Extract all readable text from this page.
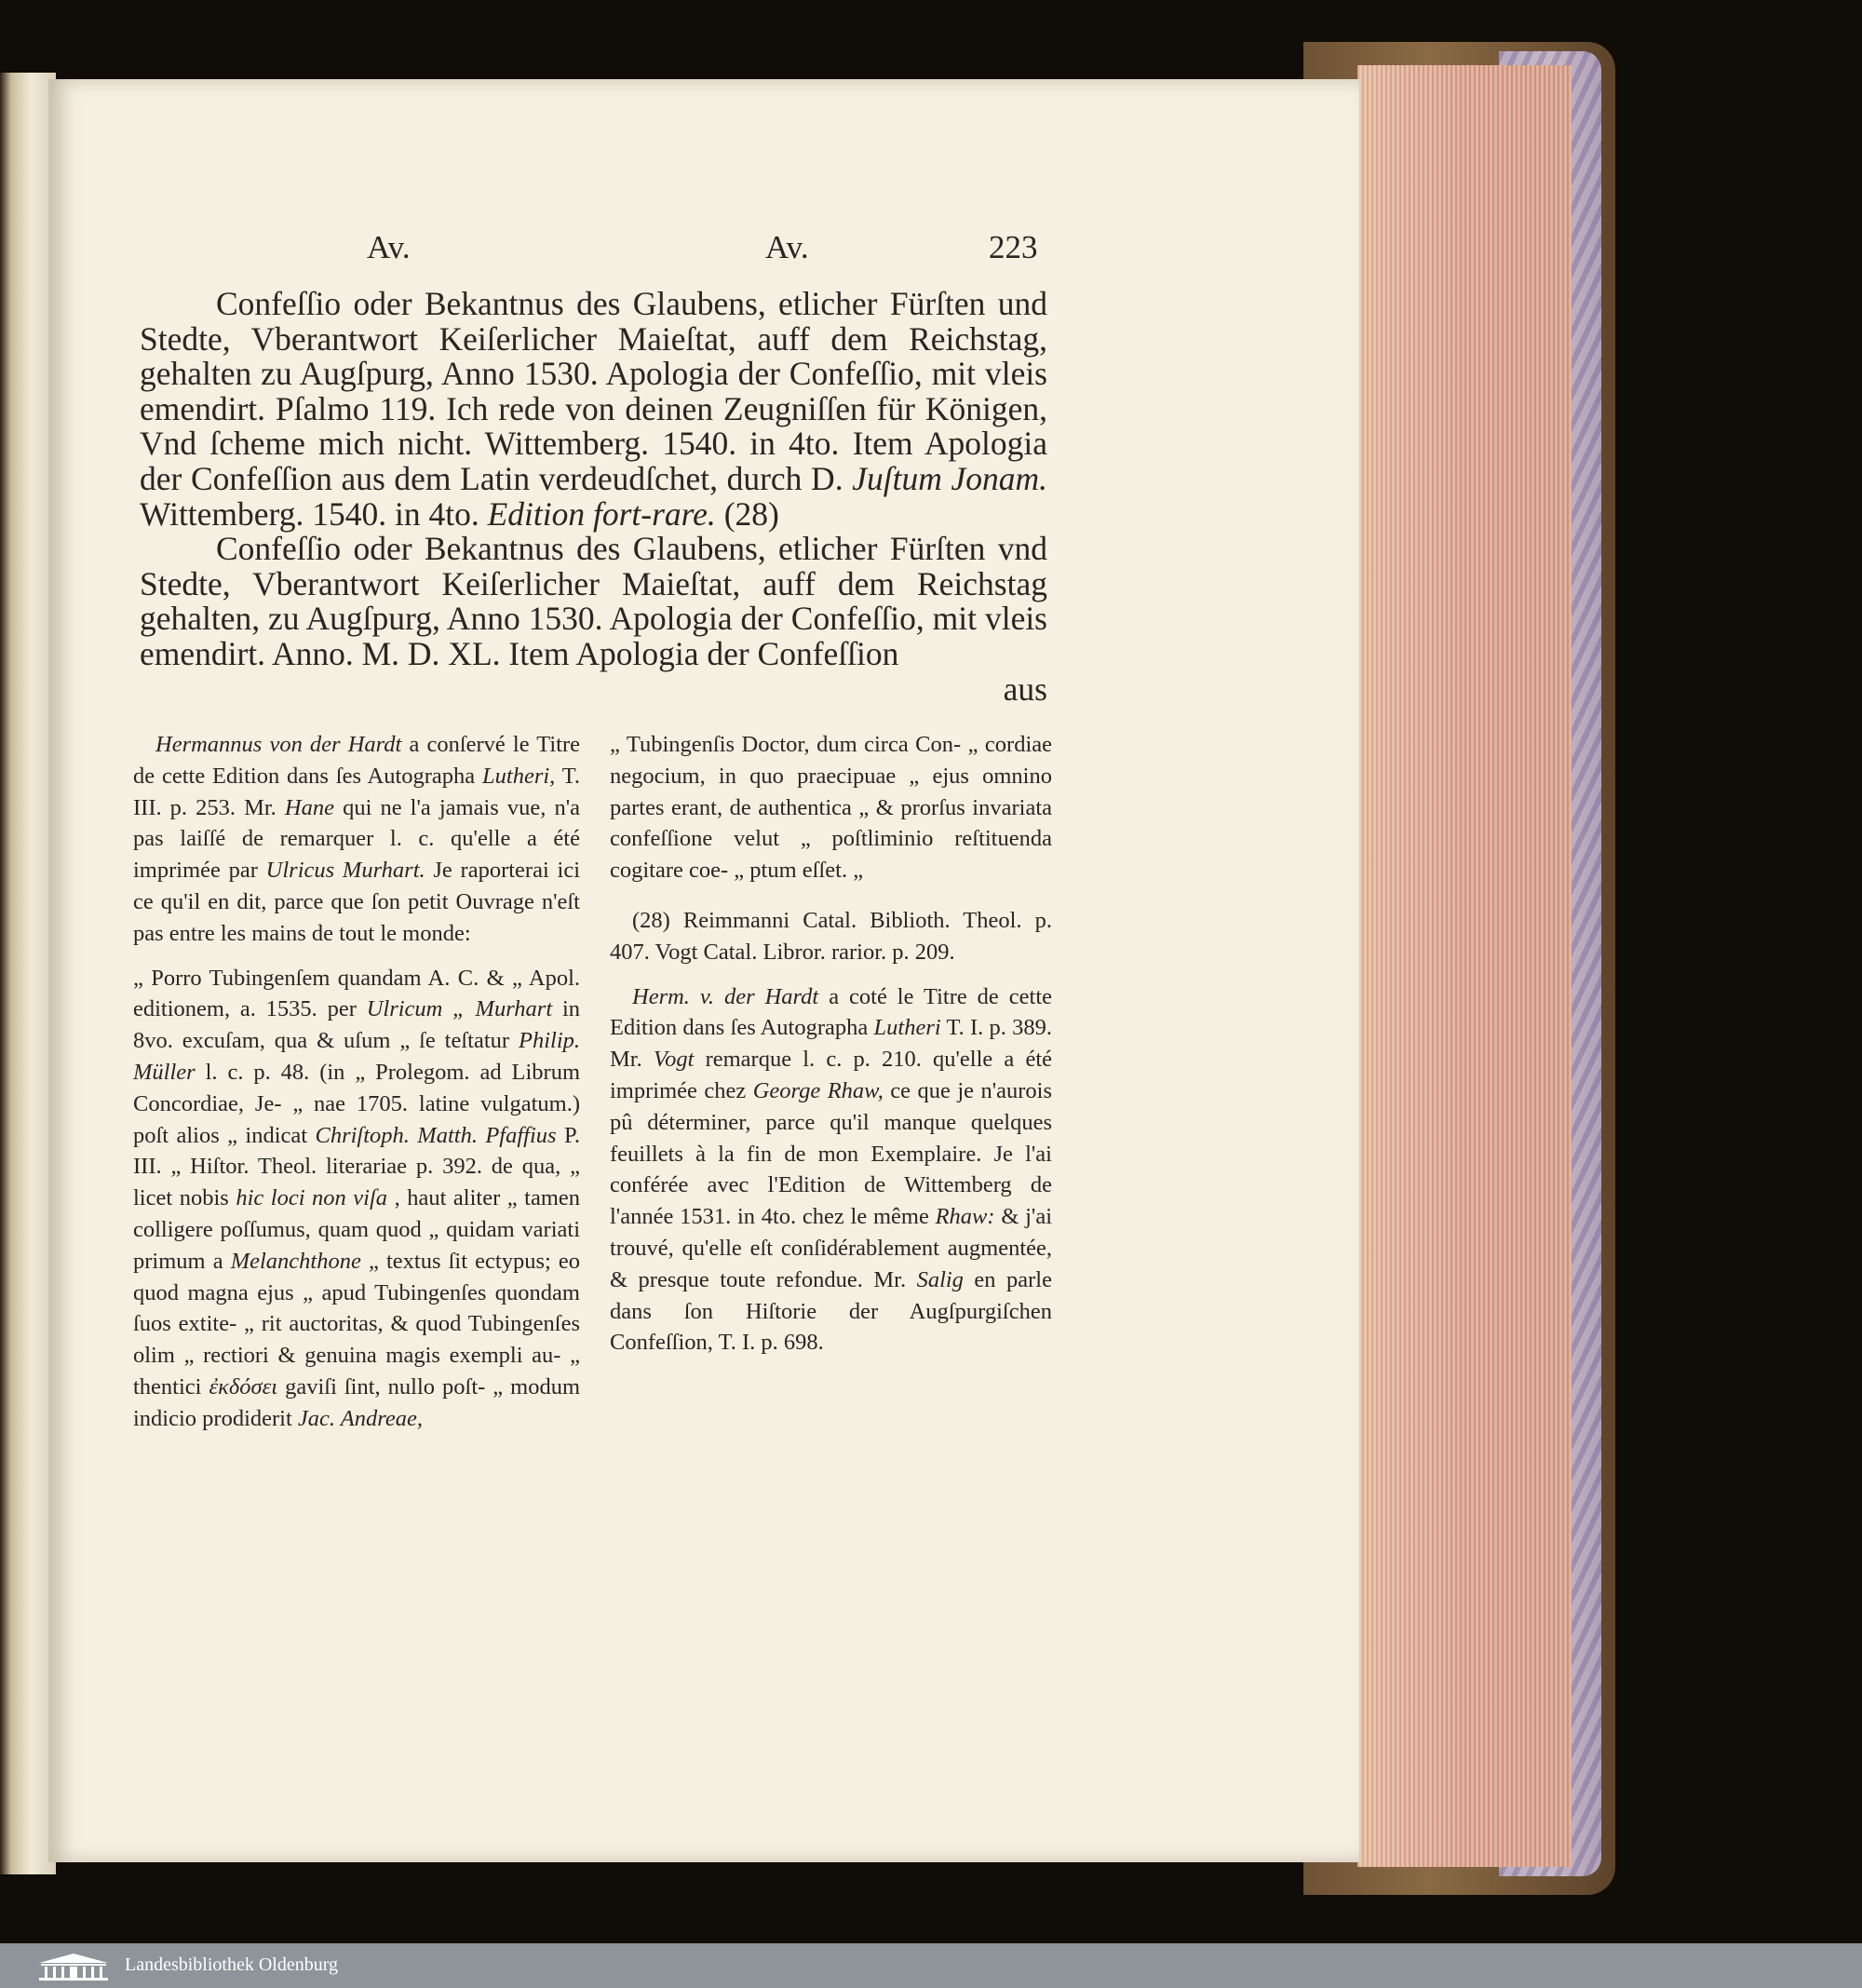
Av.	Av.	223

Confeſſio oder Bekantnus des Glaubens, etlicher Fürſten und Stedte, Vberantwort Keiſerlicher Maieſtat, auff dem Reichstag, gehalten zu Augſpurg, Anno 1530. Apologia der Confeſſio, mit vleis emendirt. Pſalmo 119. Ich rede von deinen Zeugniſſen für Königen, Vnd ſcheme mich nicht. Wittemberg. 1540. in 4to. Item Apologia der Confeſſion aus dem Latin verdeudſchet, durch D. Juſtum Jonam. Wittemberg. 1540. in 4to. Edition fort-rare. (28)

Confeſſio oder Bekantnus des Glaubens, etlicher Fürſten vnd Stedte, Vberantwort Keiſerlicher Maieſtat, auff dem Reichstag gehalten, zu Augſpurg, Anno 1530. Apologia der Confeſſio, mit vleis emendirt. Anno. M. D. XL. Item Apologia der Confeſſion
aus

Hermannus von der Hardt a conſervé le Titre de cette Edition dans ſes Autographa Lutheri, T. III. p. 253. Mr. Hane qui ne l'a jamais vue, n'a pas laiſſé de remarquer l. c. qu'elle a été imprimée par Ulricus Murhart. Je raporterai ici ce qu'il en dit, parce que ſon petit Ouvrage n'eſt pas entre les mains de tout le monde:

„ Porro Tubingenſem quandam A. C. & „ Apol. editionem, a. 1535. per Ulricum „ Murhart in 8vo. excuſam, qua & uſum „ ſe teſtatur Philip. Müller l. c. p. 48. (in „ Prolegom. ad Librum Concordiae, Je- „ nae 1705. latine vulgatum.) poſt alios „ indicat Chriſtoph. Matth. Pfaffius P. III. „ Hiſtor. Theol. literariae p. 392. de qua, „ licet nobis hic loci non viſa , haut aliter „ tamen colligere poſſumus, quam quod „ quidam variati primum a Melanchthone „ textus ſit ectypus; eo quod magna ejus „ apud Tubingenſes quondam ſuos extite- „ rit auctoritas, & quod Tubingenſes olim „ rectiori & genuina magis exempli au- „ thentici ἐκδόσει gaviſi ſint, nullo poſt- „ modum indicio prodiderit Jac. Andreae,

„ Tubingenſis Doctor, dum circa Con- „ cordiae negocium, in quo praecipuae „ ejus omnino partes erant, de authentica „ & prorſus invariata confeſſione velut „ poſtliminio reſtituenda cogitare coe- „ ptum eſſet. „

(28) Reimmanni Catal. Biblioth. Theol. p. 407. Vogt Catal. Libror. rarior. p. 209.

Herm. v. der Hardt a coté le Titre de cette Edition dans ſes Autographa Lutheri T. I. p. 389. Mr. Vogt remarque l. c. p. 210. qu'elle a été imprimée chez George Rhaw, ce que je n'aurois pû déterminer, parce qu'il manque quelques feuillets à la fin de mon Exemplaire. Je l'ai conférée avec l'Edition de Wittemberg de l'année 1531. in 4to. chez le même Rhaw: & j'ai trouvé, qu'elle eſt conſidérablement augmentée, & presque toute refondue. Mr. Salig en parle dans ſon Hiſtorie der Augſpurgiſchen Confeſſion, T. I. p. 698.

Landesbibliothek Oldenburg
